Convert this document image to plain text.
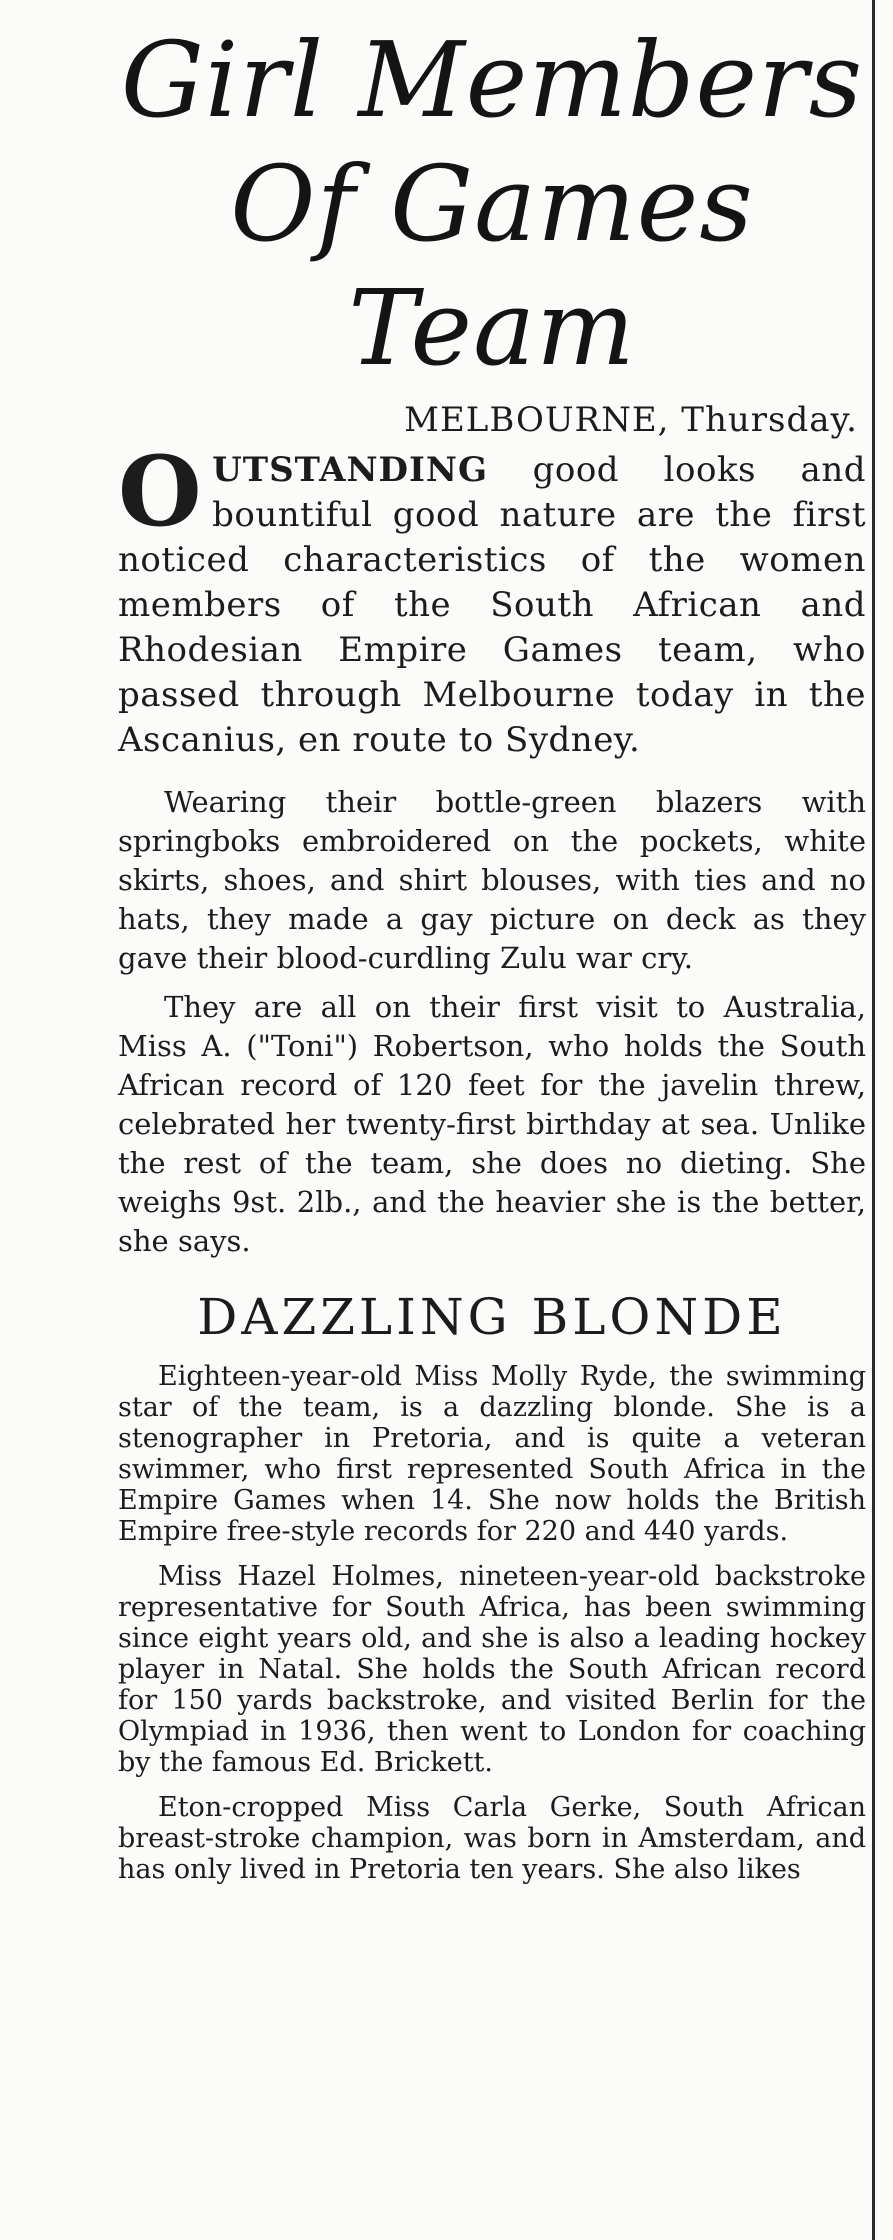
Girl Members
Of Games
Team
MELBOURNE, Thursday.

OUTSTANDING good looks and bountiful good nature are the first noticed characteristics of the women members of the South African and Rhodesian Empire Games team, who passed through Melbourne today in the Ascanius, en route to Sydney.

Wearing their bottle-green blazers with springboks embroidered on the pockets, white skirts, shoes, and shirt blouses, with ties and no hats, they made a gay picture on deck as they gave their blood-curdling Zulu war cry.

They are all on their first visit to Australia, Miss A. ("Toni") Robertson, who holds the South African record of 120 feet for the javelin threw, celebrated her twenty-first birthday at sea. Unlike the rest of the team, she does no dieting. She weighs 9st. 2lb., and the heavier she is the better, she says.

DAZZLING BLONDE

Eighteen-year-old Miss Molly Ryde, the swimming star of the team, is a dazzling blonde. She is a stenographer in Pretoria, and is quite a veteran swimmer, who first represented South Africa in the Empire Games when 14. She now holds the British Empire free-style records for 220 and 440 yards.

Miss Hazel Holmes, nineteen-year-old backstroke representative for South Africa, has been swimming since eight years old, and she is also a leading hockey player in Natal. She holds the South African record for 150 yards backstroke, and visited Berlin for the Olympiad in 1936, then went to London for coaching by the famous Ed. Brickett.

Eton-cropped Miss Carla Gerke, South African breast-stroke champion, was born in Amsterdam, and has only lived in Pretoria ten years. She also likes
